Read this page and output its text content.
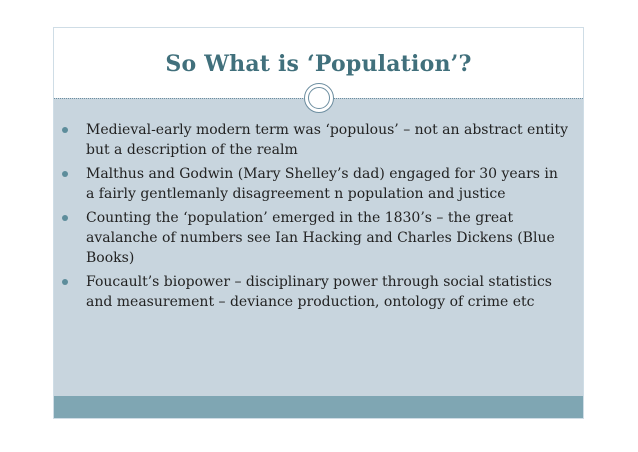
So What is ‘Population’?
Medieval-early modern term was ‘populous’ – not an abstract entity but a description of the realm
Malthus and Godwin (Mary Shelley’s dad) engaged for 30 years in a fairly gentlemanly disagreement n population and justice
Counting the ‘population’ emerged in the 1830’s – the great avalanche of numbers see Ian Hacking and Charles Dickens (Blue Books)
Foucault’s biopower – disciplinary power through social statistics and measurement – deviance production, ontology of crime etc
